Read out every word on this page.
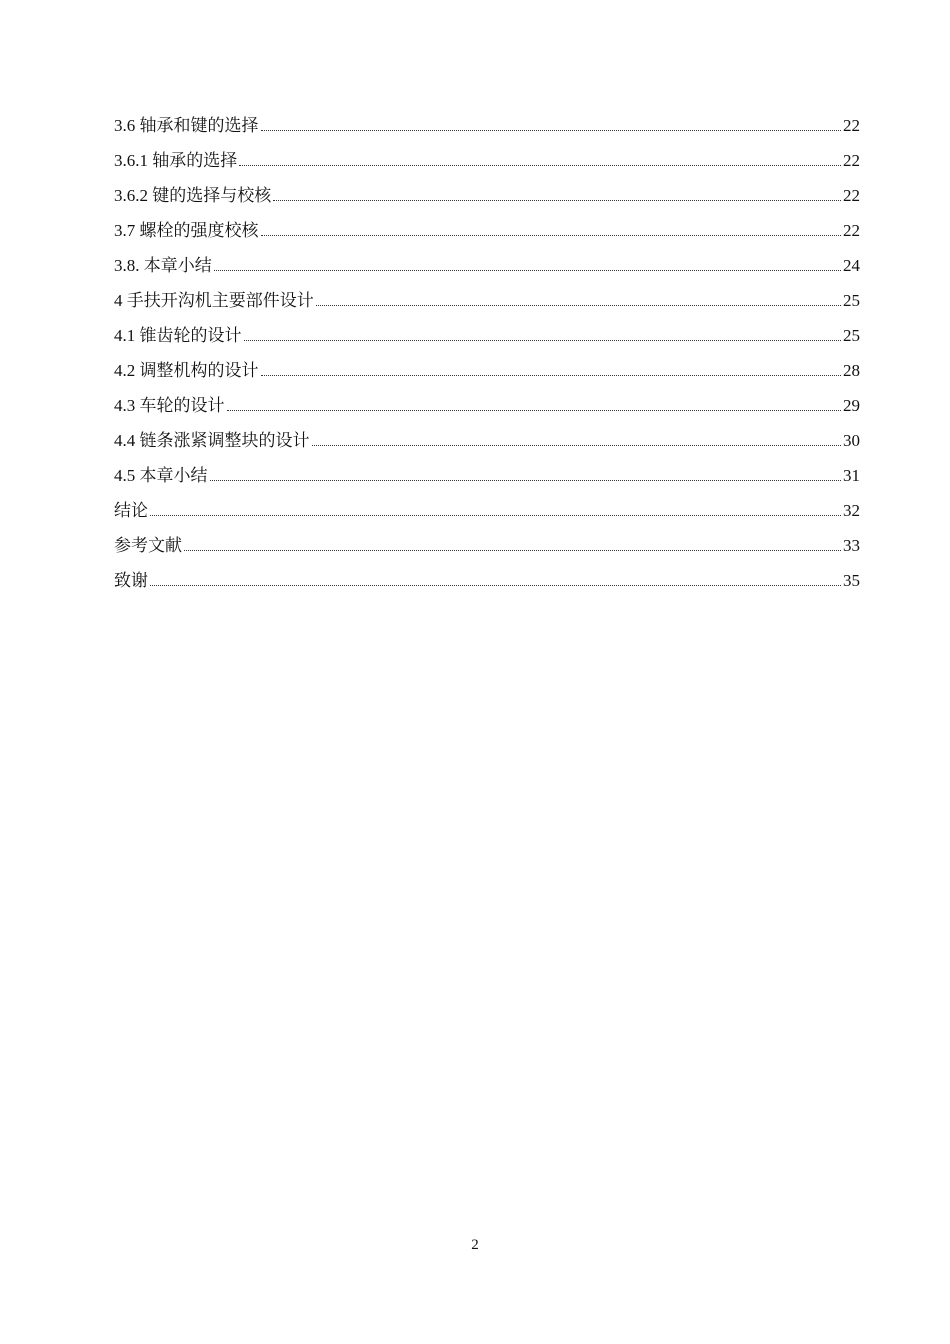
3.6 轴承和键的选择	22
3.6.1 轴承的选择	22
3.6.2 键的选择与校核	22
3.7 螺栓的强度校核	22
3.8. 本章小结	24
4 手扶开沟机主要部件设计	25
4.1 锥齿轮的设计	25
4.2 调整机构的设计	28
4.3 车轮的设计	29
4.4 链条涨紧调整块的设计	30
4.5 本章小结	31
结论	32
参考文献	33
致谢	35
2
